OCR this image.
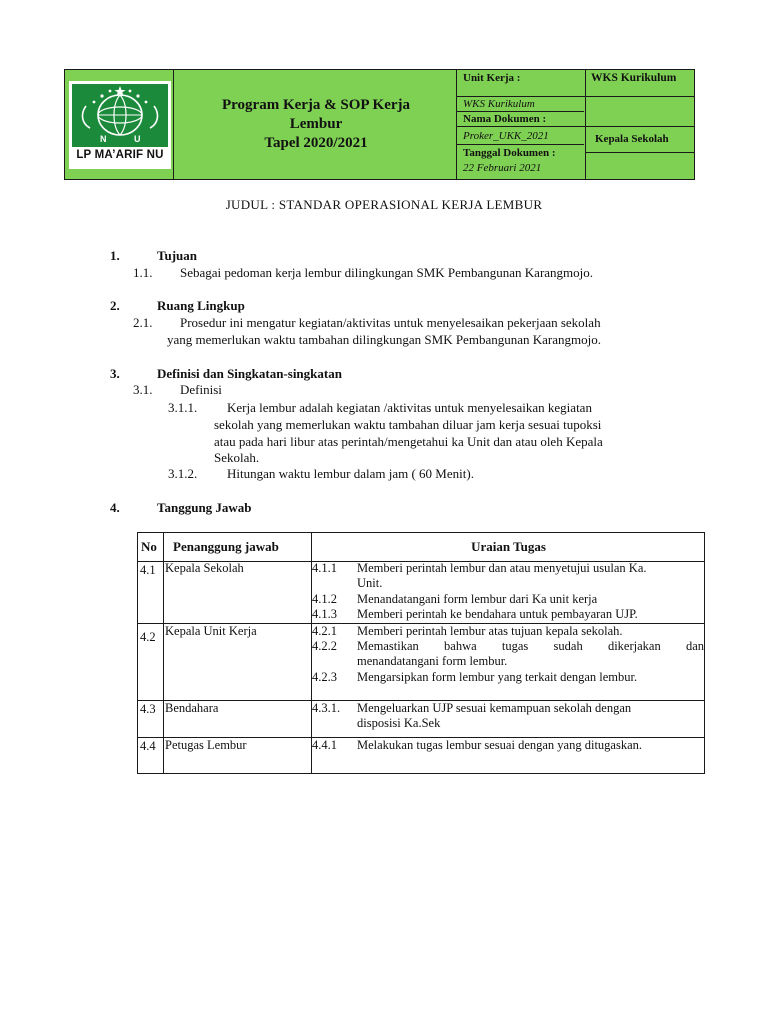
N	U
LP MA’ARIF NU
Program Kerja & SOP Kerja
Lembur
Tapel 2020/2021
Unit Kerja :	WKS Kurikulum
WKS Kurikulum
Nama Dokumen :
Proker_UKK_2021	Kepala Sekolah
Tanggal Dokumen :
22 Februari 2021
JUDUL : STANDAR OPERASIONAL KERJA LEMBUR
1.	Tujuan
1.1. Sebagai pedoman kerja lembur dilingkungan SMK Pembangunan Karangmojo.
2.	Ruang Lingkup
2.1. Prosedur ini mengatur kegiatan/aktivitas untuk menyelesaikan pekerjaan sekolah
yang memerlukan waktu tambahan dilingkungan SMK Pembangunan Karangmojo.
3.	Definisi dan Singkatan-singkatan
3.1. Definisi
3.1.1. Kerja lembur adalah kegiatan /aktivitas untuk menyelesaikan kegiatan
sekolah yang memerlukan waktu tambahan diluar jam kerja sesuai tupoksi
atau pada hari libur atas perintah/mengetahui ka Unit dan atau oleh Kepala
Sekolah.
3.1.2. Hitungan waktu lembur dalam jam ( 60 Menit).
4.	Tanggung Jawab
No Penanggung jawab	Uraian Tugas
4.1 Kepala Sekolah	4.1.1 Memberi perintah lembur dan atau menyetujui usulan Ka.
Unit.
4.1.2 Menandatangani form lembur dari Ka unit kerja
4.1.3 Memberi perintah ke bendahara untuk pembayaran UJP.
4.2 Kepala Unit Kerja	4.2.1 Memberi perintah lembur atas tujuan kepala sekolah.
4.2.2 Memastikan bahwa tugas sudah dikerjakan dan
menandatangani form lembur.
4.2.3 Mengarsipkan form lembur yang terkait dengan lembur.
4.3 Bendahara	4.3.1. Mengeluarkan UJP sesuai kemampuan sekolah dengan
disposisi Ka.Sek
4.4 Petugas Lembur	4.4.1 Melakukan tugas lembur sesuai dengan yang ditugaskan.
